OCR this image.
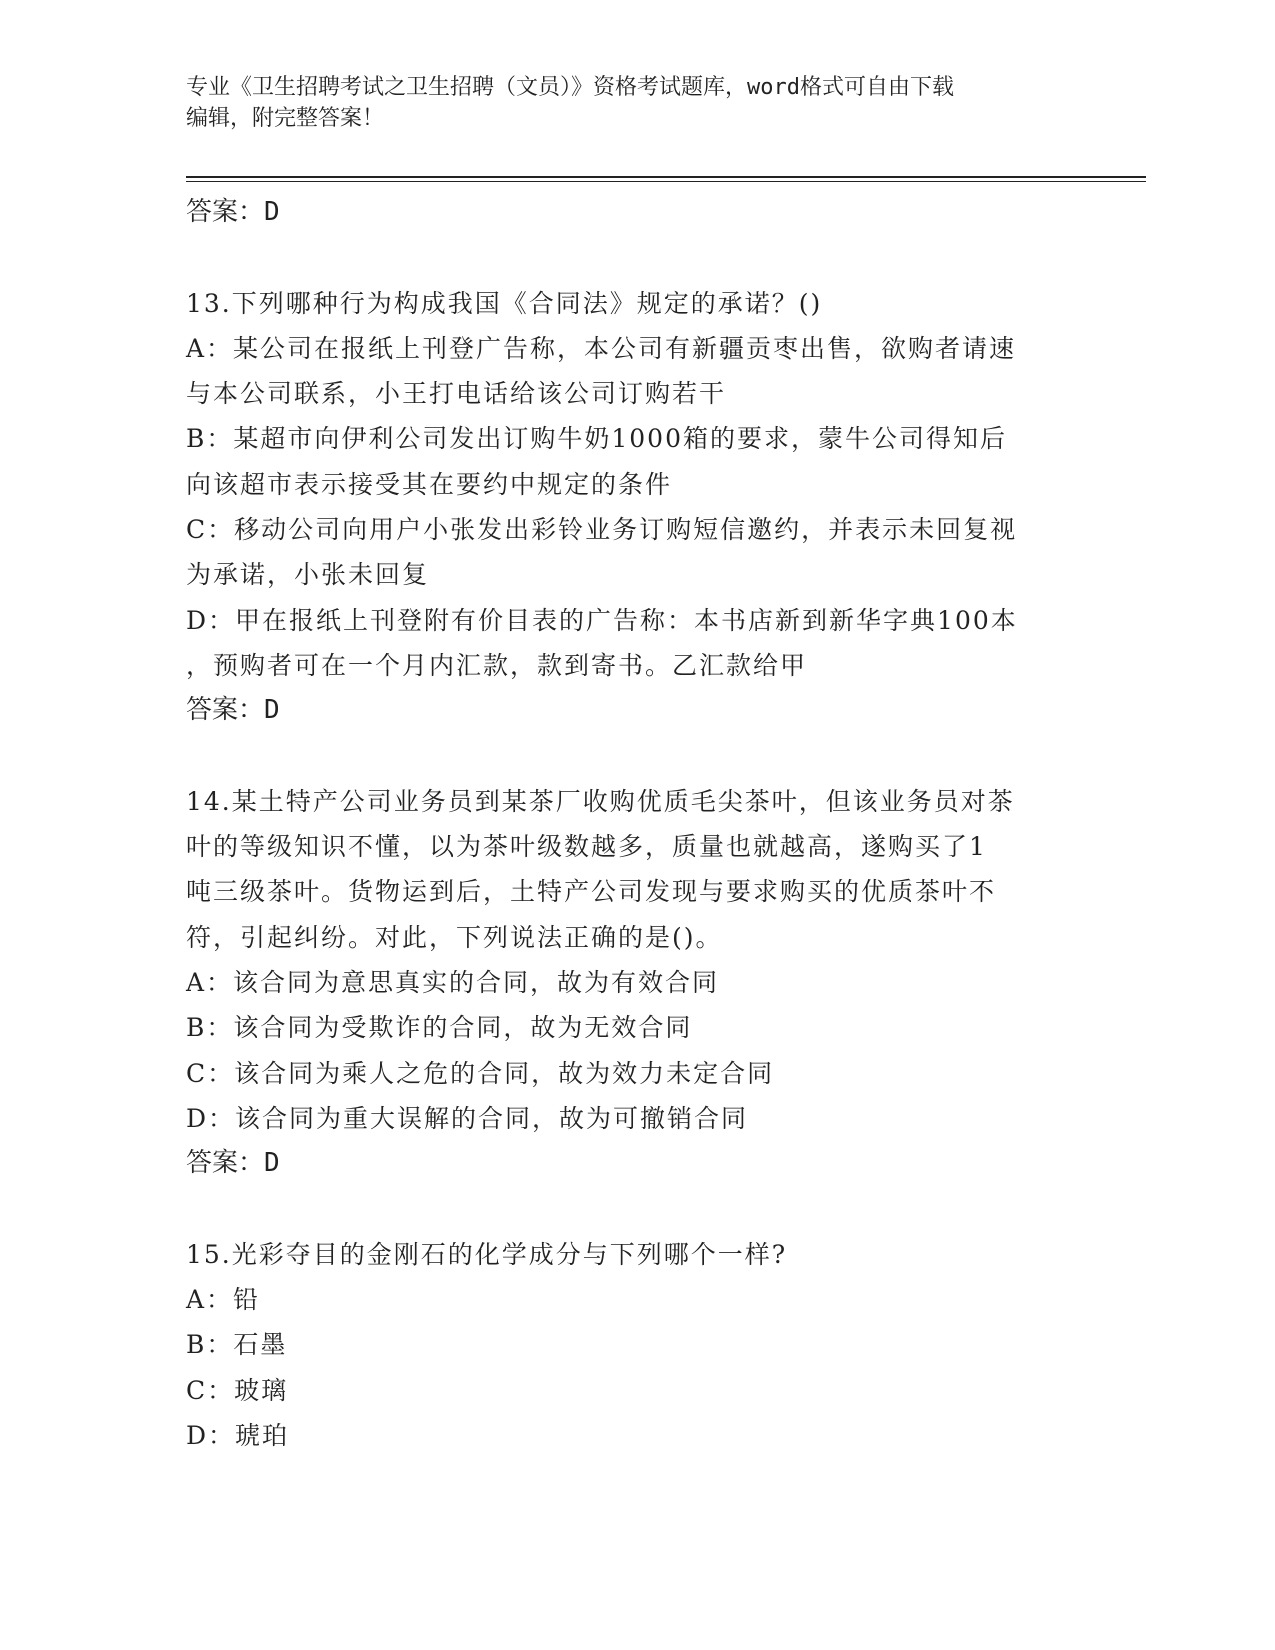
专业《卫生招聘考试之卫生招聘（文员）》资格考试题库，word格式可自由下载
编辑，附完整答案！
答案：D
13.下列哪种行为构成我国《合同法》规定的承诺？()
A：某公司在报纸上刊登广告称，本公司有新疆贡枣出售，欲购者请速
与本公司联系，小王打电话给该公司订购若干
B：某超市向伊利公司发出订购牛奶1000箱的要求，蒙牛公司得知后
向该超市表示接受其在要约中规定的条件
C：移动公司向用户小张发出彩铃业务订购短信邀约，并表示未回复视
为承诺，小张未回复
D：甲在报纸上刊登附有价目表的广告称：本书店新到新华字典100本
，预购者可在一个月内汇款，款到寄书。乙汇款给甲
答案：D
14.某土特产公司业务员到某茶厂收购优质毛尖茶叶，但该业务员对茶
叶的等级知识不懂，以为茶叶级数越多，质量也就越高，遂购买了1
吨三级茶叶。货物运到后，土特产公司发现与要求购买的优质茶叶不
符，引起纠纷。对此，下列说法正确的是()。
A：该合同为意思真实的合同，故为有效合同
B：该合同为受欺诈的合同，故为无效合同
C：该合同为乘人之危的合同，故为效力未定合同
D：该合同为重大误解的合同，故为可撤销合同
答案：D
15.光彩夺目的金刚石的化学成分与下列哪个一样?
A：铅
B：石墨
C：玻璃
D：琥珀
